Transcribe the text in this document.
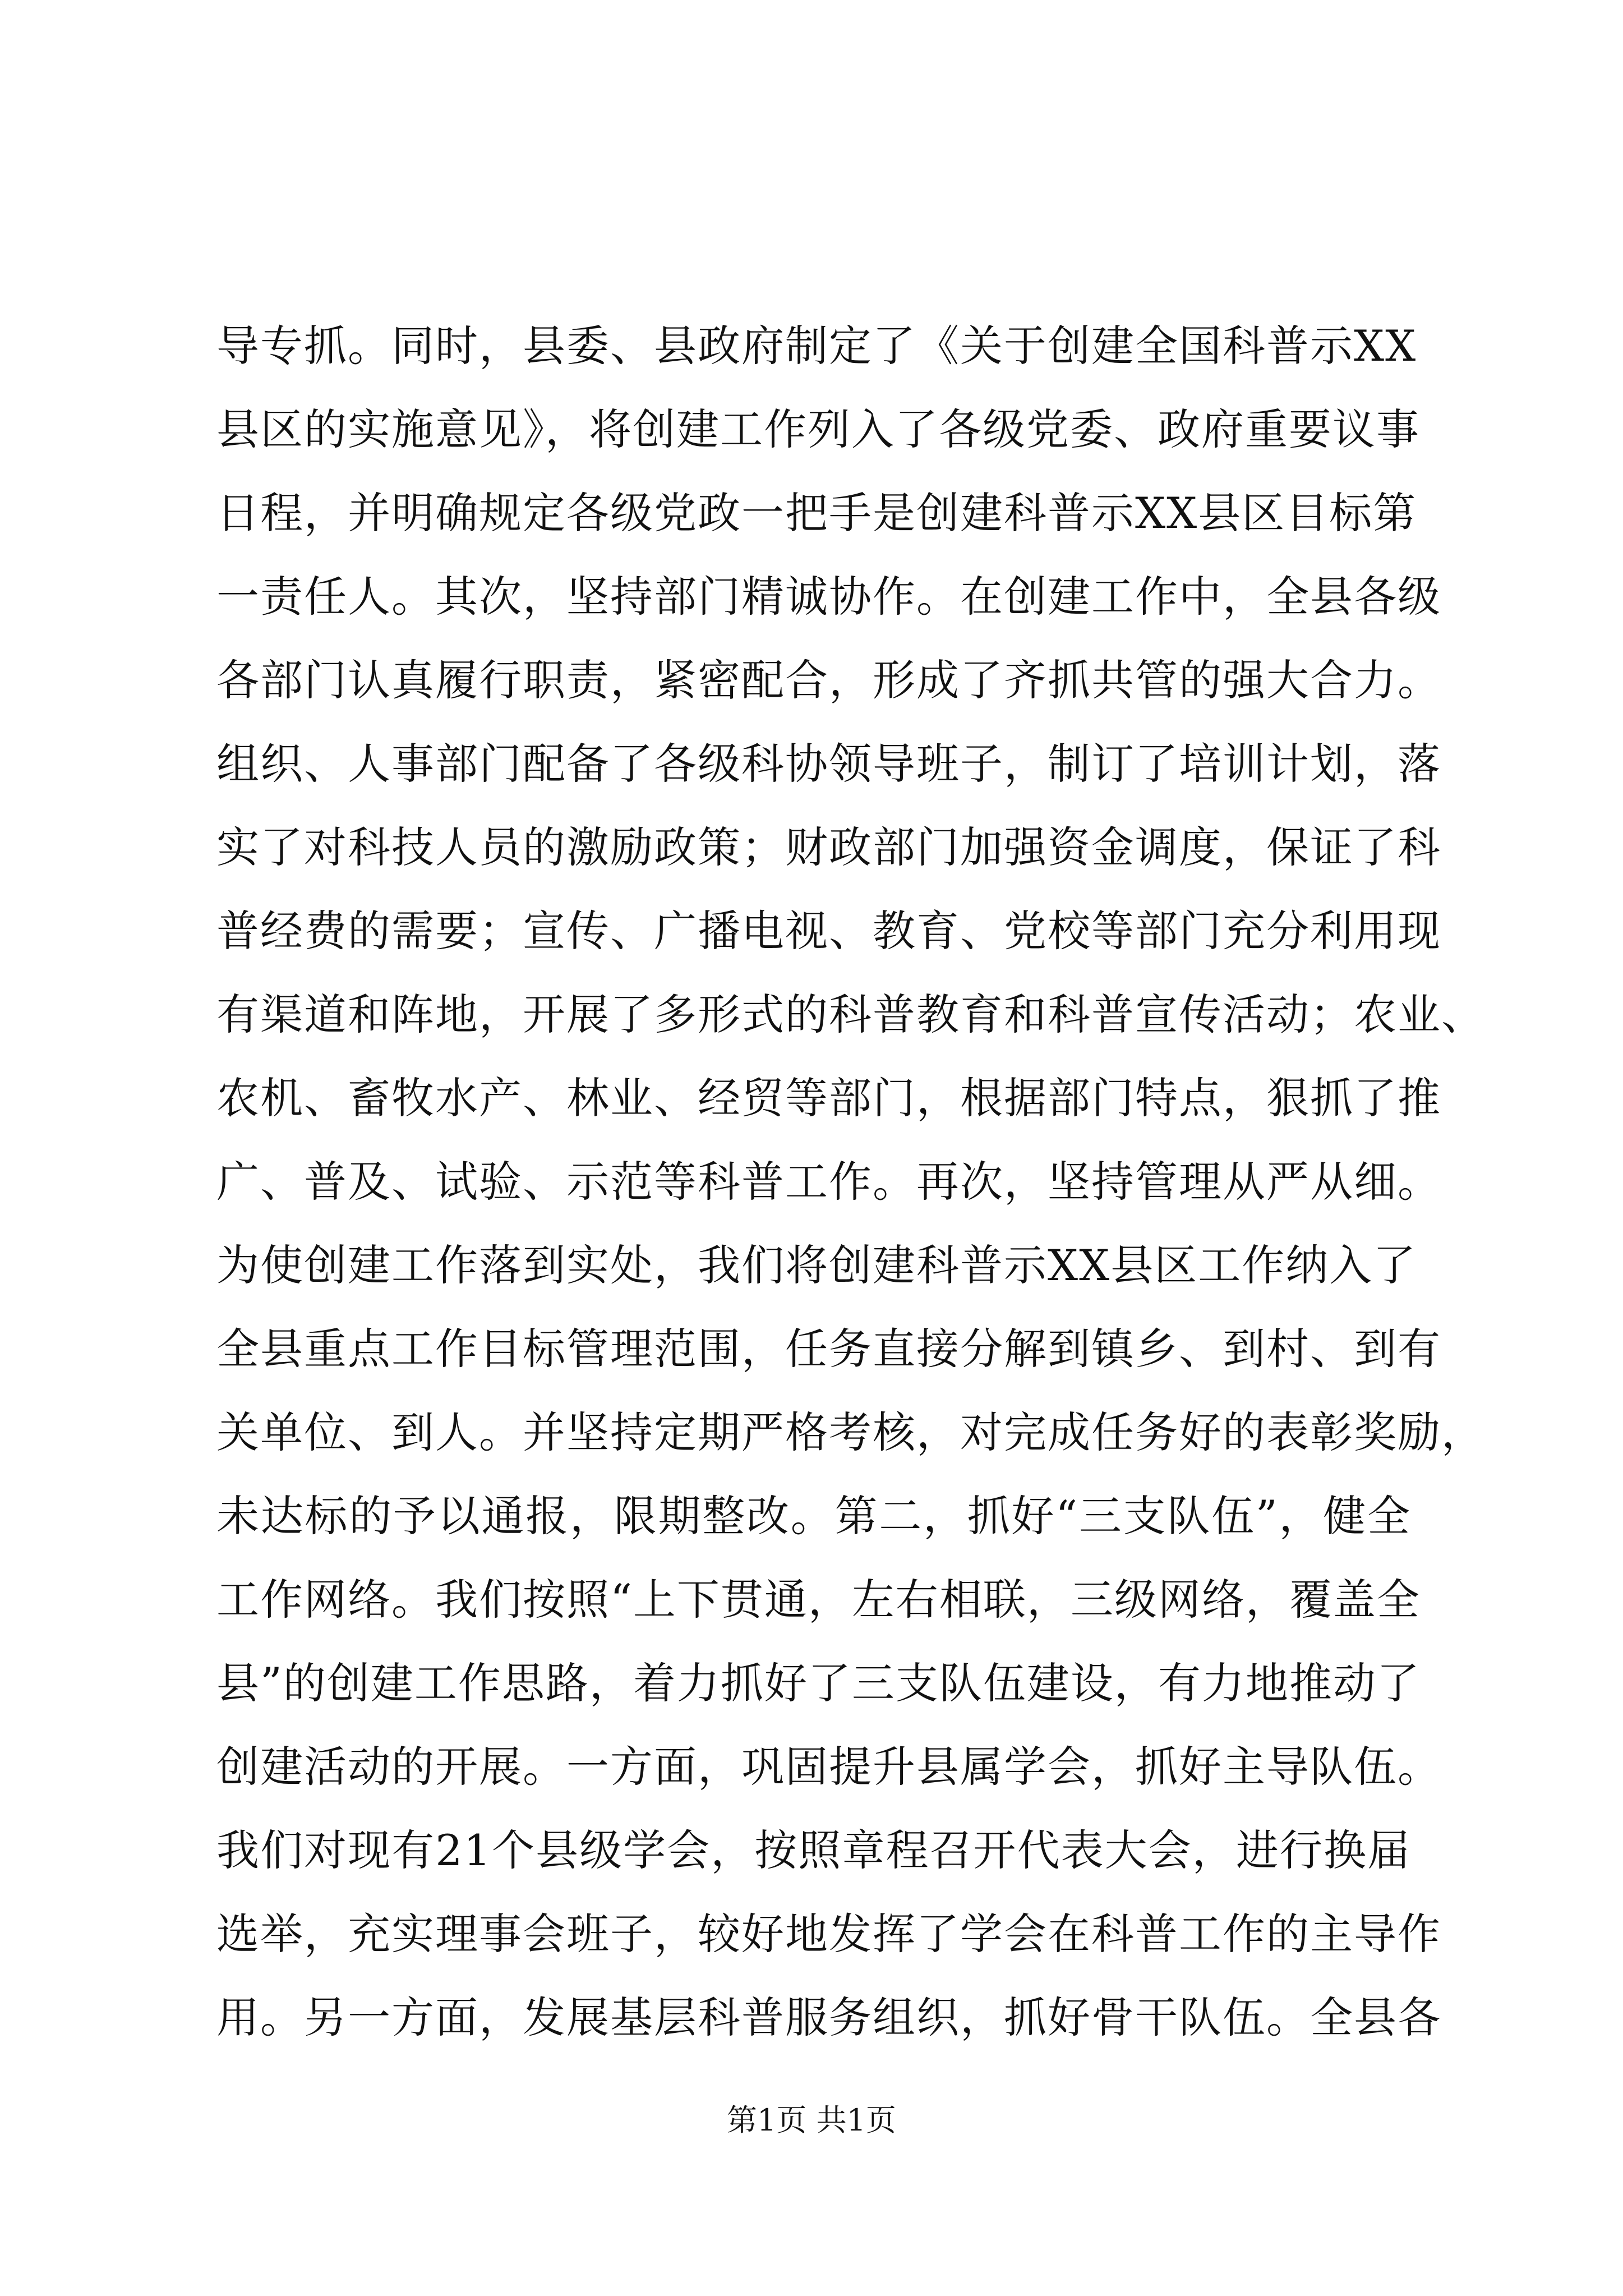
导专抓。同时，县委、县政府制定了《关于创建全国科普示XX
县区的实施意见》，将创建工作列入了各级党委、政府重要议事
日程，并明确规定各级党政一把手是创建科普示XX县区目标第
一责任人。其次，坚持部门精诚协作。在创建工作中，全县各级
各部门认真履行职责，紧密配合，形成了齐抓共管的强大合力。
组织、人事部门配备了各级科协领导班子，制订了培训计划，落
实了对科技人员的激励政策；财政部门加强资金调度，保证了科
普经费的需要；宣传、广播电视、教育、党校等部门充分利用现
有渠道和阵地，开展了多形式的科普教育和科普宣传活动；农业、
农机、畜牧水产、林业、经贸等部门，根据部门特点，狠抓了推
广、普及、试验、示范等科普工作。再次，坚持管理从严从细。
为使创建工作落到实处，我们将创建科普示XX县区工作纳入了
全县重点工作目标管理范围，任务直接分解到镇乡、到村、到有
关单位、到人。并坚持定期严格考核，对完成任务好的表彰奖励，
未达标的予以通报，限期整改。第二，抓好“三支队伍”，健全
工作网络。我们按照“上下贯通，左右相联，三级网络，覆盖全
县”的创建工作思路，着力抓好了三支队伍建设，有力地推动了
创建活动的开展。一方面，巩固提升县属学会，抓好主导队伍。
我们对现有21个县级学会，按照章程召开代表大会，进行换届
选举，充实理事会班子，较好地发挥了学会在科普工作的主导作
用。另一方面，发展基层科普服务组织，抓好骨干队伍。全县各
第1页 共1页
